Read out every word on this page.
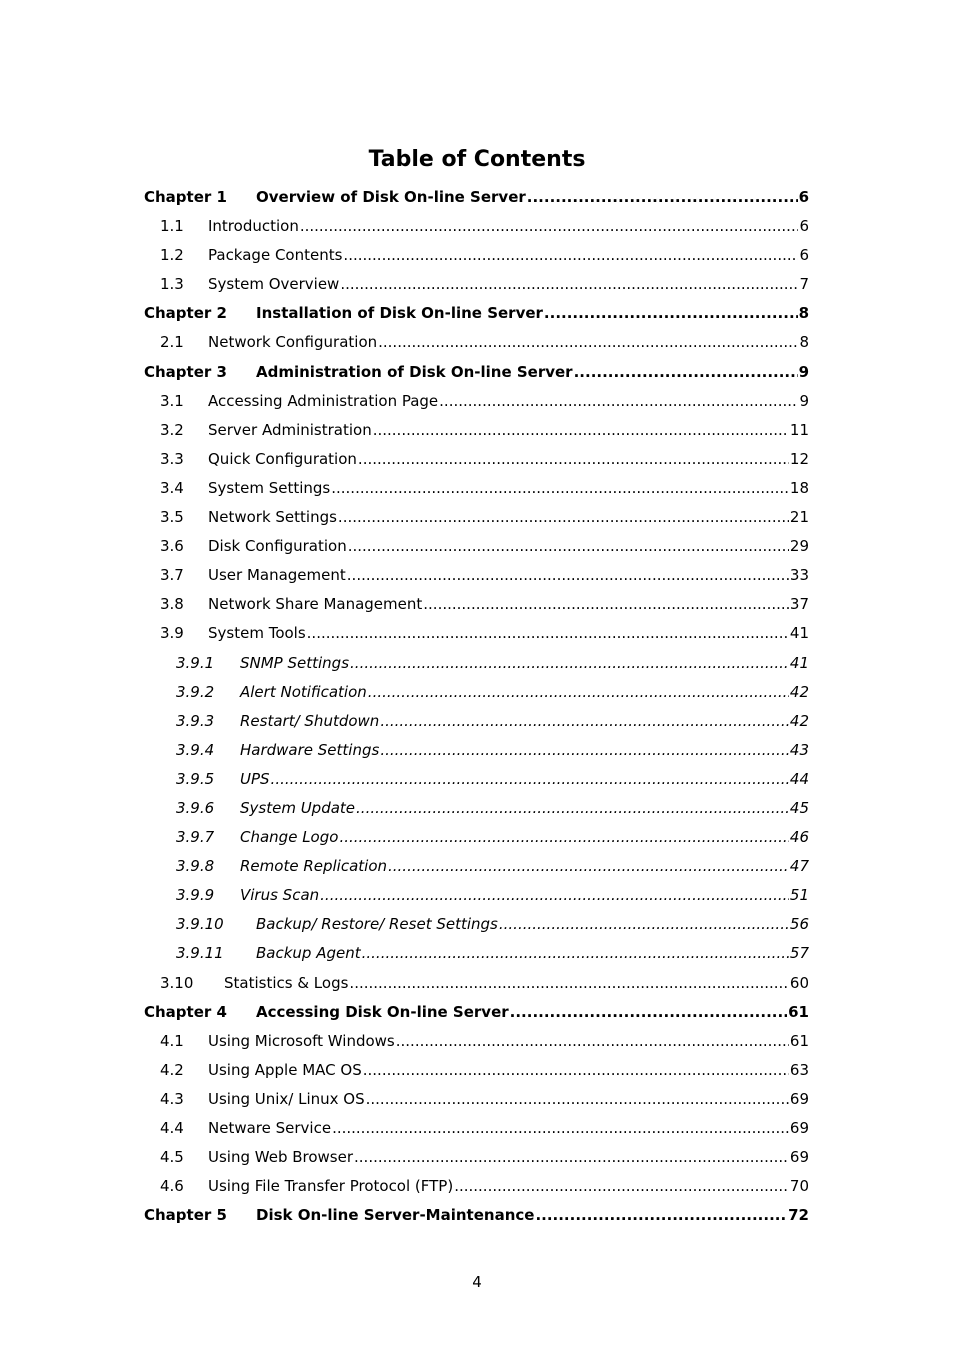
Table of Contents
Chapter 1	Overview of Disk On-line Server .....	6
1.1	Introduction .....	6
1.2	Package Contents .....	6
1.3	System Overview .....	7
Chapter 2	Installation of Disk On-line Server .....	8
2.1	Network Configuration .....	8
Chapter 3	Administration of Disk On-line Server .....	9
3.1	Accessing Administration Page .....	9
3.2	Server Administration .....	11
3.3	Quick Configuration .....	12
3.4	System Settings .....	18
3.5	Network Settings .....	21
3.6	Disk Configuration .....	29
3.7	User Management .....	33
3.8	Network Share Management .....	37
3.9	System Tools .....	41
3.9.1	SNMP Settings .....	41
3.9.2	Alert Notification .....	42
3.9.3	Restart/ Shutdown .....	42
3.9.4	Hardware Settings .....	43
3.9.5	UPS .....	44
3.9.6	System Update .....	45
3.9.7	Change Logo .....	46
3.9.8	Remote Replication .....	47
3.9.9	Virus Scan .....	51
3.9.10	Backup/ Restore/ Reset Settings .....	56
3.9.11	Backup Agent .....	57
3.10	Statistics & Logs .....	60
Chapter 4	Accessing Disk On-line Server .....	61
4.1	Using Microsoft Windows .....	61
4.2	Using Apple MAC OS .....	63
4.3	Using Unix/ Linux OS .....	69
4.4	Netware Service .....	69
4.5	Using Web Browser .....	69
4.6	Using File Transfer Protocol (FTP) .....	70
Chapter 5	Disk On-line Server-Maintenance .....	72
4
